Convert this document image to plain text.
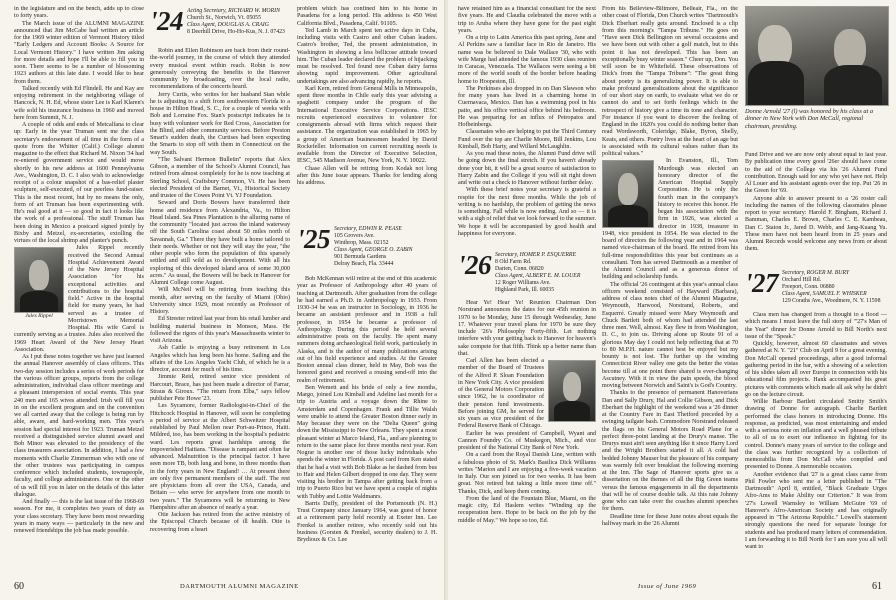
in the legislature and on the bench, adds up to close to forty years.

The March issue of the ALUMNI MAGAZINE announced that Jim McCabe had written an article for the 1969 winter edition of Vermont History titled "Early Ledgers and Account Books: A Source for Local Vermont History." I have written Jim asking for more details and hope I'll be able to fill you in soon. There seems to be a number of blossoming 1923 authors at this late date. I would like to hear from them.

Talked recently with Ed Flindell. He and Kay are enjoying retirement in the neighboring village of Hancock, N. H. Ed, whose sister Lee is Karl Klaren's wife sold his insurance business in 1960 and moved here from Summit, N. J.

A couple of odds and ends of Metcalfana to clear up: Early in the year Truman sent me the class secretary's endorsement of all time in the form of a quote from the Whitter (Calif.) College alumni magazine to the effect that Richard M. Nixon '34 had re-entered government service and would move shortly to his new address at 1600 Pennsylvania Ave., Washington, D. C. I also wish to acknowledge receipt of a colour snapshot of a bas-relief plaster sculpture, self-executed, of our peerless fund-raiser. This is the most recent, but by no means the only, form of art Truman has been experimenting with. He's real good at it — so good in fact it looks like the work of a professional. The stuff Truman has been doing in Mexico a postcard signed jointly by Bixby and Metzel, ex-secretaries, extolling the virtues of the local shrimp and planter's punch.

Jules Rippel

Jules Rippel recently received the Second Annual Hospital Achievement Award of the New Jersey Hospital Association "for his exceptional activities and contributions to the hospital field." Active in the hospital field for many years, he had served as a trustee of Morristown Memorial Hospital. His wife Carol is currently serving as a trustee. Jules also received the 1969 Heart Award of the New Jersey Heart Association.

As I put these notes together we have just learned the annual Hanover assembly of class officers. This two-day session includes a series of work periods for the various officer groups, reports from the college administration, individual class officer meetings and a pleasant interspersion of social events. This year 240 men and 165 wives attended. Irish will fill you in on the excellent program and on the convention we all carried away that the college is being run by able, aware, and hard-working men. This year's session had special interest for 1923. Truman Metzel received a distinguished service alumni award and Bob Minor was elevated to the presidency of the class treasurers association. In addition, I had a few moments with Charlie Zimmerman who with one of the other trustees was participating in campus conference which included students, townspeople, faculty, and college administrators. One or the other of us will fill you in later on the details of this latter dialogue.

And finally — this is the last issue of the 1968-69 season. For me, it completes two years of duty as your class secretary. They have been most rewarding years in many ways — particularly in the new and renewed friendships the job has made possible.

'24 Acting Secretary, RICHARD W. MORIN
Church St., Norwich, Vt. 05055
Class Agent, DOUGLAS A. CRAIG
8 Deerhill Drive, Ho-Ho-Kus, N. J. 07423

Robin and Ellen Robinson are back from their round-the-world journey, in the course of which they attended every musical event within reach. Robin is now generously conveying the benefits to the Hanover community by broadcasting, over the local radio, recommendations of the concerts heard.

Jerry Curtis, who writes for her husband Stan while he is adjusting to a shift from southwestern Florida to a house in Hilton Head, S. C., for a couple of weeks with Bob and Lorraine Fox. Stan's postscript indicates he is busy with volunteer work for Red Cross, Association for the Blind, and other community services. Before Preston Smart's sudden death, the Curtises had been expecting the Smarts to stop off with them in Connecticut on the way South.

"The Salvant Hermon Bulletin" reports that Alex Gibson, a member of the School's Alumni Council, has retired from almost completely for he is now teaching at Sterling School, Craftsbury Common, Vt. He has been elected President of the Barnet, Vt., Historical Society and trustee of the Cowes Point Vt. YJ Foundation.

Seward and Doris Bowers have transferred their home and residence from Alexandria, Va., to Hilton Head Island. Sea Pines Plantation is the alluring name of the community "located just across the inland waterway off the South Carolina coast about 50 miles north of Savannah, Ga." There they have built a home tailored to their needs. Whether or not they will stay the year, "the other people who form the population of this sparsely settled and still wild as to development. With all his exploring of this developed island area of some 30,000 acres." As usual, the Bowers will be back in Hanover for Alumni College come August.

Will McNeil will be retiring from teaching this month, after serving on the faculty of Miami (Ohio) University since 1929, most recently as Professor of History.

Ed Streeter retired last year from his retail lumber and building material business in Monson, Mass. He followed the rigors of this year's Massachusetts winter to visit Arizona.

Ash Cattle is enjoying a busy retirement in Los Angeles which has long been his home. Sailing and the affairs of the Los Angeles Yacht Club, of which he is a director, account for much of his time.

Jimmie Reid, retired senior vice president of Harcourt, Brace, has just been made a director of Farrar, Straus & Giroux. "The return from Elba," says fellow publisher Pete Howe '23.

Les Sycamore, former Radiologist-in-Chief of the Hitchcock Hospital in Hanover, will soon be completing a period of service at the Albert Schweitzer Hospital established by Paul Mellon near Port-au-Prince, Haiti. Mildred, too, has been working in the hospital's pediatric ward. Les reports great hardships among the impoverished Haitians. "Disease is rampant and often far advanced. Malnutrition is the principal factor. I have seen more TB, both lung and bone, in three months than in the forty years in New England! … At present there are only five permanent members of the staff. The rest are physicians from all over the USA, Canada, and Britain — who serve for anywhere from one month to two years." The Sycamores will be returning to New Hampshire after an absence of nearly a year.

Otie Jackson has retired from the active ministry of the Episcopal Church because of ill health. Otie is recovering from a heart

problem which has confined him to his home in Pasadena for a long period. His address is 450 West California Blvd., Pasadena, Calif. 91105.

Ted Lamb in March spent ten active days in Cuba, including visits with Castro and other Cuban leaders. Castro's brother, Ted, the present administration, in Washington in showing a less bellicose attitude toward him. The Cuban leader declared the problem of hijacking must be resolved. Ted found new Cuban dairy farms showing rapid improvement. Other agricultural undertakings are also advancing rapidly, he reports.

Karl Kern, retired from General Mills in Minneapolis, spent three months in Chile early this year advising a spaghetti company under the program of the International Executive Service Corporations. IESC recruits experienced executives to volunteer for consignments abroad with firms which request their assistance. The organization was established in 1965 by a group of American businessmen headed by David Rockefeller. Information on current recruiting needs is available from the Director of Executive Selection, IESC, 545 Madison Avenue, New York, N. Y. 10022.

Chase Allen will be retiring from Kodak not long after this June issue appears. Thanks for lending along his address.

'25 Secretary, EDWIN R. PEASE
105 Grovers Ave.
Winthrop, Mass. 02152
Class Agent, GEORGE O. ZABIN
901 Bermuda Gardens
Delray Beach, Fla. 33444

Bob McKennan will retire at the end of this academic year as Professor of Anthropology after 40 years of teaching at Dartmouth. After graduation from the college he had earned a Ph.D. in Anthropology in 1933. From 1930-34 he was an instructor in Sociology, in 1936 he became an assistant professor and in 1938 a full professor, in 1954 he became a professor of Anthropology. During this period he held several administrative posts on the faculty. He spent many summers doing archaeological field work, particularly in Alaska, and is the author of many publications arising out of his field experience and studies. At the Greater Boston annual class dinner, held in May, Bob was the honored guest and received a rousing send-off into the realm of retirement.

Ben Wemett and his bride of only a few months, Margo, joined Lou Kimball and Adeline last month for a trip to Austria and a voyage down the Rhine to Amsterdam and Copenhagen. Frank and Tillie Walsh were unable to attend the Greater Boston dinner early in May because they were on the "Delta Queen" going down the Mississippi to New Orleans. They spent a most pleasant winter at Marco Island, Fla., and are planning to return to the same place for three months next year. Ken Nograr is another one of those lucky individuals who spends the winter in Florida. A post card from Ken stated that he had a visit with Bob Blake as he dashed from bus to Hair and Helen Gilbert dropped in one day. They were visiting his brother in Tampa after getting back from a trip to Puerto Rico but we have spent a couple of nights with Tubby and Lottie Waldmanrs.

Barris Duffy, president of the Portsmouth (N. H.) Trust Company since January 1964, was guest of honor at a retirement party held recently at Exeter Inn. Lee Frenkel is another retiree, who recently sold out his business (Gorsten & Frenkel, security dealers) to J. H. Brydioux & Co. Lee

60	DARTMOUTH ALUMNI MAGAZINE

have retained him as a financial consultant for the next five years. He and Claudia celebrated the move with a trip to Aruba where they have gone for the past eight years.

On a trip to Latin America this past spring, Jane and Al Perkins saw a familiar face in Rio de Janeiro. His name was be believed to Dale Wallace '30, who with wife Marge had attended the famous 1930 class reunion in Caracas, Venezuela. The Wallaces were seeing a bit more of the world south of the border before heading home to Hoopeston, Ill.

The Perkinses also dropped in on Dan Slawson who for many years has lived in a charming home in Cuernavaca, Mexico. Dan has a swimming pool in his patio, and his office vertical office behind his bedroom. He was preparing for an influx of Petropatos and Hofbeinbergs.

Classmates who are helping to put the Third Century Fund over the top are Charlie Moore, Bill Jenkins, Lou Kimball, Bob Harty, and Willard McLaughlin.

As you read these notes, the Alumni Fund drive will be going down the final stretch. If you haven't already done your bit, it will be a great source of satisfaction to Harry Zabin and the College if you will sit right down and write out a check to Hanover without further delay.

With these brief notes your secretary is grateful a respite for the next three months. While the job of writing is no hardship, the problem of getting the news is something. Fall while is now ending. And so — it is with a sigh of relief that we look forward to the summer. We hope it will be accompanied by good health and happiness for everyone.

'26 Secretary, HOMER P. ESQUERRÉ
8 Old Farm Rd.
Darien, Conn. 06820
Class Agent, ALBERT E. M. LOUER
12 Roger Williams Ave.
Highland Park, Ill. 60035

Hear Ye! Hear Ye! Reunion Chairman Don Norstrand announces the dates for our 45th reunion in 1970 to be Monday, June 15 through Wednesday, June 17. Whatever your travel plans for 1970 be sure they include '26's Philosophy Forty-fifth. Let nothing interfere with your getting back to Hanover for heaven's sake compete for that fifth. Think up a better name than that.

Carl Allen has been elected a member of the Board of Trustees of the Alfred P. Sloan Foundation in New York City. A vice president of the General Motors Corporation since 1962, he is coordinator of their pension fund investments. Before joining GM, he served for six years as vice president of the Federal Reserve Bank of Chicago.

Earlier he was president of Campbell, Wyant and Cannon Foundry Co. of Muskegon, Mich., and vice president of the National City Bank of New York.

On a card from the Royal Danish Line, written with a fabulous photo of St. Mark's Basilica Dick Williams writes "Marion and I are enjoying a five-week vacation in Italy. Our son joined us for two weeks. It has been great. Not retired but taking a little more time off." Thanks, Dick, and keep them coming.

From the land of the Fountain Blue, Miami, on the magic city, Ed Haslem writes "Winding up the recuperation here. Hope to be back on the job by the middle of May." We hope so too, Ed.

From his Belleview-Biltmore, Belleair, Fla., on the other coast of Florida, Don Church writes "Dartmouth's Dick Eberhart really gets around. Enclosed is a clip from this morning's "Tampa Tribune." He goes on "Have seen Dick Bellington on several occasions and we have been out with other a golf match, but to this point it has not developed. This has been an exceptionally busy winter season." Cheer up, Don. You will soon be in Whitefield. These observations of Dick's from the "Tampa Tribune": "The great thing about poetry is its generalizing power. It is able to make profound generalizations about the significance of our short stay on earth, to evaluate what we do or cannot do and to set forth feelings which in the retrospect of history give a time its tone and character. For instance if you want to discover the feeling of England in the 1820's you could do nothing better than read Wordsworth, Coleridge, Blake, Byron, Shelly, Keats, and others. Poetry lives at the heart of an age but is associated with its cultural values rather than its political values."

In Evanston, Ill., Tom Murdough was elected an honorary director of the American Hospital Supply Corporation. He is only the fourth man in the company's history to receive this honor. He began his association with the firm in 1926, was elected a director in 1938, treasurer in 1948, vice president in 1954. He was elected to the board of directors the following year and in 1964 was named vice-chairman of the board. He retired from his full-time responsibilities this year but continues as a consultant. Tom has served Dartmouth as a member of the Alumni Council and as a generous donor of building and scholarship funds.

The official '26 contingent at this year's annual class officers weekend consisted of Hayward (Barbara), address of class notes chief of the Alumni Magazine, Weymouth, Harwood, Norstrand, Roberts, and Esquerré. Greatly missed were Mary Weymouth and Chuck Bartlett both of whom had attended the last three men. Well, almost. Kay flew in from Washington, D. C., to join us. Driving alone up Route 91 of a glorious May day I could not help reflecting that at 70 to 80 M.P.H. nature cannot best be enjoyed but my bounty is not lost. The further up the winding Connecticut River valley one gets the better the vistas become till at one point there shared is ever-changing Ascutney. With it in view the pain speeds, the blood moving between Norwich and Saint's is God's Country.

Thanks to the presence of permanent Hanoverians Dan and Sally Drury, Hal and Collie Gibson, and Dick Eberhart the highlight of the weekend was a '26 dinner at the Country Fare in East Thetford preceded by a swinging tailgate bash. Commodore Norstrand released the flags on his General Motors Road Plane for a perfect three-point landing at the Drury's manse. The Drurys must ain't seen anything like it since Harry Lord and the Wright Brothers started it all. A cold had bedded Johnny Mauser but the pleasure of his company was warmly felt over breakfast the following morning at the Inn. The Sage of Hanover sports give us a dissertation on the themes of all the Big Green teams versus the famous engagements in all the departments that will be of course double talk. At this rate Johnny gone who can take over the coaches alumni speeches for them.

Deadline time for these June notes about equals the halfway mark in the '26 Alumni

Donne Arnold '27 (l) was honored by his class at a dinner in New York with Don McCall, regional chairman, presiding.

Fund Drive and we are now only about equal to last year. By publication time every good '26er should have come to the aid of the College via his '26 Alumni Fund contribution. Enough said for any who yet have not. Help Al Louer and his assistant agents over the top. Put '26 in the Green for '69.

Anyone able to answer present to a '26 roster call including the names of the following classmates please report to your secretary: Harold F. Bingham, Richard J. Bamman, Charles E. Brown, Charles C. E. Kambeau, Dan C. Staton Jr., Jared D. Webb, and Jang-Kuang Yu. These men have not been heard from in 25 years and Alumni Records would welcome any news from or about them.

'27 Secretary, ROGER M. BURY
Orchard Hill Rd.
Freeport, Conn. 06880
Class Agent, SAMUEL F. WHISKER
129 Coraths Ave., Woodmere, N. Y. 11598

Class men has changed from a thought to a flood — which means I must leave the full story of "'27's Man of the Year" dinner for Donne Arnold to Bill North's next issue of the "Speak."

Quickly, however, almost 60 classmates and wives gathered at N. Y. "21" Club on April 9 for a great evening. Don McCall opened proceedings, after a good informal gathering period in the bar, with a showing of a selection of his slides taken all over Europe in connection with his educational film projects. Hank accompanied his great pictures with comments which made all ask why he didn't go on the lecture circuit.

Willie Barbour Bartlett circulated Smitty Smith's drawing of Donne for autograph. Charlie Bartlett performed the class honors in introducing Donne. His response, as predicted, was most entertaining and ended with a serious note on inflation and a well phrased tribute to all of us to exert our influence in fighting for its control. Donne's many years of service to the college and the class was further recognized by a collection of memorabilia from Don McCall who compiled and presented to Donne. A memorable occasion.

Another evidence that '27 is a great class came from Phil Fowler who sent me a letter published in "The Dartmouth" April 8, entitled, "Black Graduate Urges Afro-Ams to Make Ability our Criterion." It was from '27's Lowell Warnsley to William McGuire '69 of Hanover's Afro-American Society and has originally appeared in "The Arizona Republic." Lowell's statement strongly questions the need for separate lounge for students and has produced many letters of commendation. I am forwarding it to Bill North for I am sure you all will want to

Issue of June 1969	61
